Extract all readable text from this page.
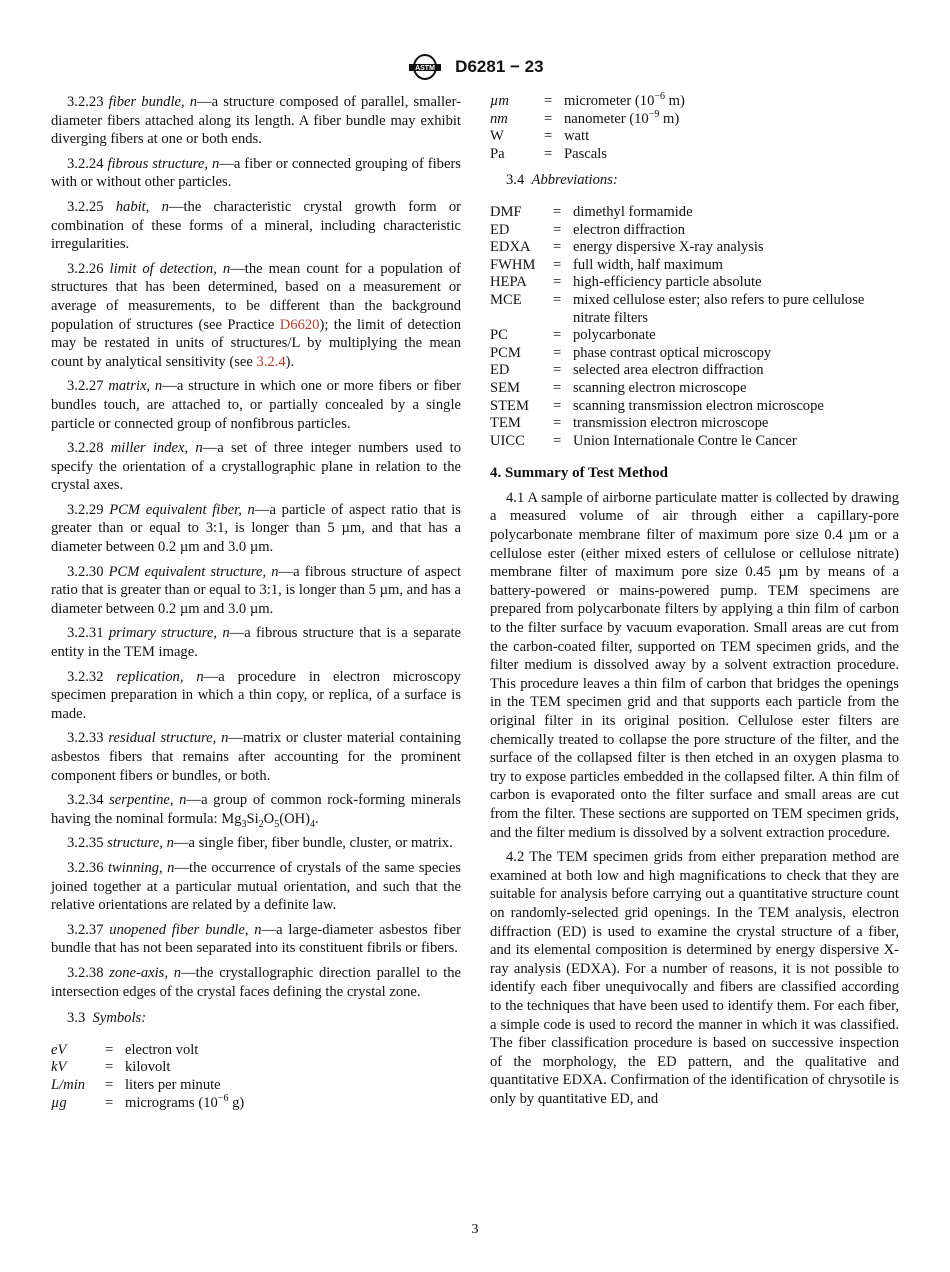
ASTM D6281 − 23

3.2.23 fiber bundle, n—a structure composed of parallel, smaller-diameter fibers attached along its length. A fiber bundle may exhibit diverging fibers at one or both ends.

3.2.24 fibrous structure, n—a fiber or connected grouping of fibers with or without other particles.

3.2.25 habit, n—the characteristic crystal growth form or combination of these forms of a mineral, including characteristic irregularities.

3.2.26 limit of detection, n—the mean count for a population of structures that has been determined, based on a measurement or average of measurements, to be different than the background population of structures (see Practice D6620); the limit of detection may be restated in units of structures/L by multiplying the mean count by analytical sensitivity (see 3.2.4).

3.2.27 matrix, n—a structure in which one or more fibers or fiber bundles touch, are attached to, or partially concealed by a single particle or connected group of nonfibrous particles.

3.2.28 miller index, n—a set of three integer numbers used to specify the orientation of a crystallographic plane in relation to the crystal axes.

3.2.29 PCM equivalent fiber, n—a particle of aspect ratio that is greater than or equal to 3:1, is longer than 5 µm, and that has a diameter between 0.2 µm and 3.0 µm.

3.2.30 PCM equivalent structure, n—a fibrous structure of aspect ratio that is greater than or equal to 3:1, is longer than 5 µm, and has a diameter between 0.2 µm and 3.0 µm.

3.2.31 primary structure, n—a fibrous structure that is a separate entity in the TEM image.

3.2.32 replication, n—a procedure in electron microscopy specimen preparation in which a thin copy, or replica, of a surface is made.

3.2.33 residual structure, n—matrix or cluster material containing asbestos fibers that remains after accounting for the prominent component fibers or bundles, or both.

3.2.34 serpentine, n—a group of common rock-forming minerals having the nominal formula: $Mg_3Si_2O_5(OH)_4$.

3.2.35 structure, n—a single fiber, fiber bundle, cluster, or matrix.

3.2.36 twinning, n—the occurrence of crystals of the same species joined together at a particular mutual orientation, and such that the relative orientations are related by a definite law.

3.2.37 unopened fiber bundle, n—a large-diameter asbestos fiber bundle that has not been separated into its constituent fibrils or fibers.

3.2.38 zone-axis, n—the crystallographic direction parallel to the intersection edges of the crystal faces defining the crystal zone.

3.3 Symbols:
eV	=	electron volt
kV	=	kilovolt
L/min	=	liters per minute
µg	=	micrograms ($10^{-6}$ g)
µm	=	micrometer ($10^{-6}$ m)
nm	=	nanometer ($10^{-9}$ m)
W	=	watt
Pa	=	Pascals
3.4 Abbreviations:
DMF	=	dimethyl formamide
ED	=	electron diffraction
EDXA	=	energy dispersive X-ray analysis
FWHM	=	full width, half maximum
HEPA	=	high-efficiency particle absolute
MCE	=	mixed cellulose ester; also refers to pure cellulose nitrate filters
PC	=	polycarbonate
PCM	=	phase contrast optical microscopy
ED	=	selected area electron diffraction
SEM	=	scanning electron microscope
STEM	=	scanning transmission electron microscope
TEM	=	transmission electron microscope
UICC	=	Union Internationale Contre le Cancer
4. Summary of Test Method

4.1 A sample of airborne particulate matter is collected by drawing a measured volume of air through either a capillary-pore polycarbonate membrane filter of maximum pore size 0.4 µm or a cellulose ester (either mixed esters of cellulose or cellulose nitrate) membrane filter of maximum pore size 0.45 µm by means of a battery-powered or mains-powered pump. TEM specimens are prepared from polycarbonate filters by applying a thin film of carbon to the filter surface by vacuum evaporation. Small areas are cut from the carbon-coated filter, supported on TEM specimen grids, and the filter medium is dissolved away by a solvent extraction procedure. This procedure leaves a thin film of carbon that bridges the openings in the TEM specimen grid and that supports each particle from the original filter in its original position. Cellulose ester filters are chemically treated to collapse the pore structure of the filter, and the surface of the collapsed filter is then etched in an oxygen plasma to try to expose particles embedded in the collapsed filter. A thin film of carbon is evaporated onto the filter surface and small areas are cut from the filter. These sections are supported on TEM specimen grids, and the filter medium is dissolved by a solvent extraction procedure.

4.2 The TEM specimen grids from either preparation method are examined at both low and high magnifications to check that they are suitable for analysis before carrying out a quantitative structure count on randomly-selected grid openings. In the TEM analysis, electron diffraction (ED) is used to examine the crystal structure of a fiber, and its elemental composition is determined by energy dispersive X-ray analysis (EDXA). For a number of reasons, it is not possible to identify each fiber unequivocally and fibers are classified according to the techniques that have been used to identify them. For each fiber, a simple code is used to record the manner in which it was classified. The fiber classification procedure is based on successive inspection of the morphology, the ED pattern, and the qualitative and quantitative EDXA. Confirmation of the identification of chrysotile is only by quantitative ED, and

3
